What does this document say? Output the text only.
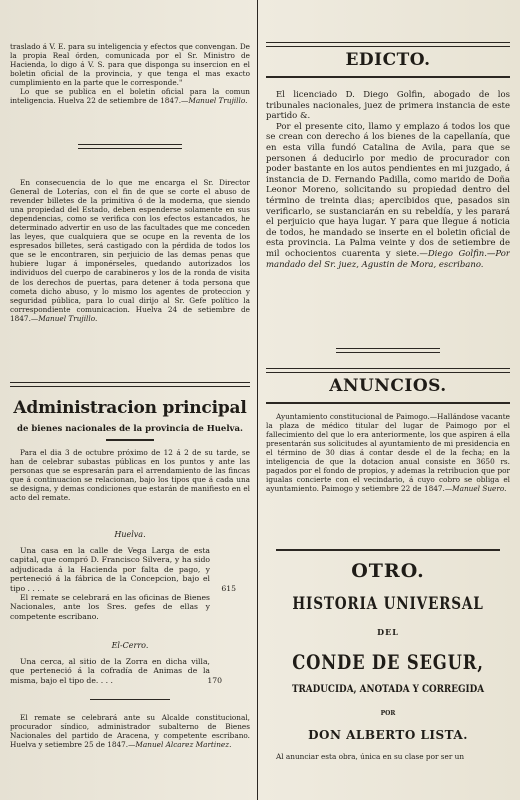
traslado á V. E. para su inteligencia y efectos que convengan. De la propia Real órden, comunicada por el Sr. Ministro de Hacienda, lo digo á V. S. para que disponga su insercion en el boletin oficial de la provincia, y que tenga el mas exacto cumplimiento en la parte que le corresponde."

Lo que se publica en el boletin oficial para la comun inteligencia. Huelva 22 de setiembre de 1847.—Manuel Trujillo.

En consecuencia de lo que me encarga el Sr. Director General de Loterías, con el fin de que se corte el abuso de revender billetes de la primitiva ó de la moderna, que siendo una propiedad del Estado, deben espenderse solamente en sus dependencias, como se verifica con los efectos estancados, he determinado advertir en uso de las facultades que me conceden las leyes, que cualquiera que se ocupe en la reventa de los espresados billetes, será castigado con la pérdida de todos los que se le encontraren, sin perjuicio de las demas penas que hubiere lugar á imponérseles, quedando autorizados los individuos del cuerpo de carabineros y los de la ronda de visita de los derechos de puertas, para detener á toda persona que cometa dicho abuso, y lo mismo los agentes de proteccion y seguridad pública, para lo cual dirijo al Sr. Gefe político la correspondiente comunicacion. Huelva 24 de setiembre de 1847.—Manuel Trujillo.

Administracion principal
de bienes nacionales de la provincia de Huelva.

Para el dia 3 de octubre próximo de 12 á 2 de su tarde, se han de celebrar subastas públicas en los puntos y ante las personas que se espresarán para el arrendamiento de las fincas que á continuacion se relacionan, bajo los tipos que á cada una se designa, y demas condiciones que estarán de manifiesto en el acto del remate.

Huelva.

Una casa en la calle de Vega Larga de esta capital, que compró D. Francisco Silvera, y ha sido adjudicada á la Hacienda por falta de pago, y perteneció á la fábrica de la Concepcion, bajo el tipo . . . .	615

El remate se celebrará en las oficinas de Bienes Nacionales, ante los Sres. gefes de ellas y competente escribano.

El-Cerro.

Una cerca, al sitio de la Zorra en dicha villa, que perteneció á la cofradía de Animas de la misma, bajo el tipo de. . . .	170

El remate se celebrará ante su Alcalde constitucional, procurador síndico, administrador subalterno de Bienes Nacionales del partido de Aracena, y competente escribano. Huelva y setiembre 25 de 1847.—Manuel Alcarez Martinez.

EDICTO.

El licenciado D. Diego Golfin, abogado de los tribunales nacionales, juez de primera instancia de este partido &.

Por el presente cito, llamo y emplazo á todos los que se crean con derecho á los bienes de la capellanía, que en esta villa fundó Catalina de Avila, para que se personen á deducirlo por medio de procurador con poder bastante en los autos pendientes en mi juzgado, á instancia de D. Fernando Padilla, como marido de Doña Leonor Moreno, solicitando su propiedad dentro del término de treinta dias; apercibidos que, pasados sin verificarlo, se sustanciarán en su rebeldía, y les parará el perjuicio que haya lugar. Y para que llegue á noticia de todos, he mandado se inserte en el boletin oficial de esta provincia. La Palma veinte y dos de setiembre de mil ochocientos cuarenta y siete.—Diego Golfin.—Por mandado del Sr. juez, Agustin de Mora, escribano.

ANUNCIOS.

Ayuntamiento constitucional de Paimogo.—Hallándose vacante la plaza de médico titular del lugar de Paimogo por el fallecimiento del que lo era anteriormente, los que aspiren á ella presentarán sus solicitudes al ayuntamiento de mi presidencia en el término de 30 dias á contar desde el de la fecha; en la inteligencia de que la dotacion anual consiste en 3650 rs. pagados por el fondo de propios, y ademas la retribucion que por igualas concierte con el vecindario, á cuyo cobro se obliga el ayuntamiento. Paimogo y setiembre 22 de 1847.—Manuel Suero.

OTRO.
HISTORIA UNIVERSAL
DEL
CONDE DE SEGUR,
TRADUCIDA, ANOTADA Y CORREGIDA
POR
DON ALBERTO LISTA.

Al anunciar esta obra, única en su clase por ser un
